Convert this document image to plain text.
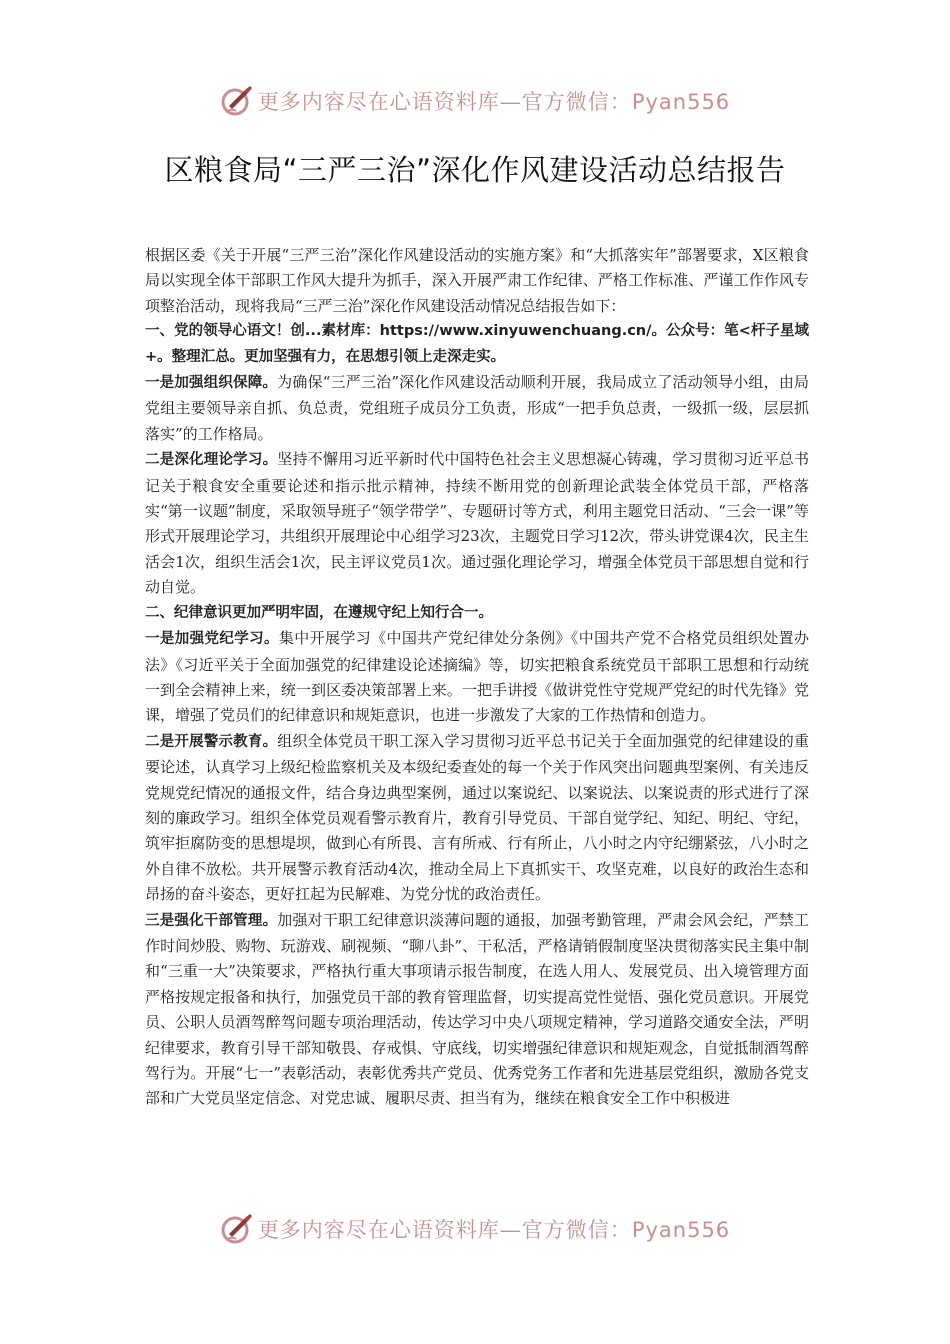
更多内容尽在心语资料库—官方微信：Pyan556
区粮食局“三严三治”深化作风建设活动总结报告

根据区委《关于开展“三严三治”深化作风建设活动的实施方案》和“大抓落实年”部署要求，X区粮食局以实现全体干部职工作风大提升为抓手，深入开展严肃工作纪律、严格工作标准、严谨工作作风专项整治活动，现将我局“三严三治”深化作风建设活动情况总结报告如下：

一、党的领导心语文！创...素材库：https://www.xinyuwenchuang.cn/。公众号：笔<杆子星域+。整理汇总。更加坚强有力，在思想引领上走深走实。

一是加强组织保障。为确保“三严三治”深化作风建设活动顺利开展，我局成立了活动领导小组，由局党组主要领导亲自抓、负总责，党组班子成员分工负责，形成“一把手负总责，一级抓一级，层层抓落实”的工作格局。

二是深化理论学习。坚持不懈用习近平新时代中国特色社会主义思想凝心铸魂，学习贯彻习近平总书记关于粮食安全重要论述和指示批示精神，持续不断用党的创新理论武装全体党员干部，严格落实“第一议题”制度，采取领导班子“领学带学”、专题研讨等方式，利用主题党日活动、“三会一课”等形式开展理论学习，共组织开展理论中心组学习23次，主题党日学习12次，带头讲党课4次，民主生活会1次，组织生活会1次，民主评议党员1次。通过强化理论学习，增强全体党员干部思想自觉和行动自觉。

二、纪律意识更加严明牢固，在遵规守纪上知行合一。

一是加强党纪学习。集中开展学习《中国共产党纪律处分条例》《中国共产党不合格党员组织处置办法》《习近平关于全面加强党的纪律建设论述摘编》等，切实把粮食系统党员干部职工思想和行动统一到全会精神上来，统一到区委决策部署上来。一把手讲授《做讲党性守党规严党纪的时代先锋》党课，增强了党员们的纪律意识和规矩意识，也进一步激发了大家的工作热情和创造力。

二是开展警示教育。组织全体党员干职工深入学习贯彻习近平总书记关于全面加强党的纪律建设的重要论述，认真学习上级纪检监察机关及本级纪委查处的每一个关于作风突出问题典型案例、有关违反党规党纪情况的通报文件，结合身边典型案例，通过以案说纪、以案说法、以案说责的形式进行了深刻的廉政学习。组织全体党员观看警示教育片，教育引导党员、干部自觉学纪、知纪、明纪、守纪，筑牢拒腐防变的思想堤坝，做到心有所畏、言有所戒、行有所止，八小时之内守纪绷紧弦，八小时之外自律不放松。共开展警示教育活动4次，推动全局上下真抓实干、攻坚克难，以良好的政治生态和昂扬的奋斗姿态，更好扛起为民解难、为党分忧的政治责任。

三是强化干部管理。加强对干职工纪律意识淡薄问题的通报，加强考勤管理，严肃会风会纪，严禁工作时间炒股、购物、玩游戏、刷视频、“聊八卦”、干私活，严格请销假制度坚决贯彻落实民主集中制和“三重一大”决策要求，严格执行重大事项请示报告制度，在选人用人、发展党员、出入境管理方面严格按规定报备和执行，加强党员干部的教育管理监督，切实提高党性觉悟、强化党员意识。开展党员、公职人员酒驾醉驾问题专项治理活动，传达学习中央八项规定精神，学习道路交通安全法，严明纪律要求，教育引导干部知敬畏、存戒惧、守底线，切实增强纪律意识和规矩观念，自觉抵制酒驾醉驾行为。开展“七一”表彰活动，表彰优秀共产党员、优秀党务工作者和先进基层党组织，激励各党支部和广大党员坚定信念、对党忠诚、履职尽责、担当有为，继续在粮食安全工作中积极进

更多内容尽在心语资料库—官方微信：Pyan556
